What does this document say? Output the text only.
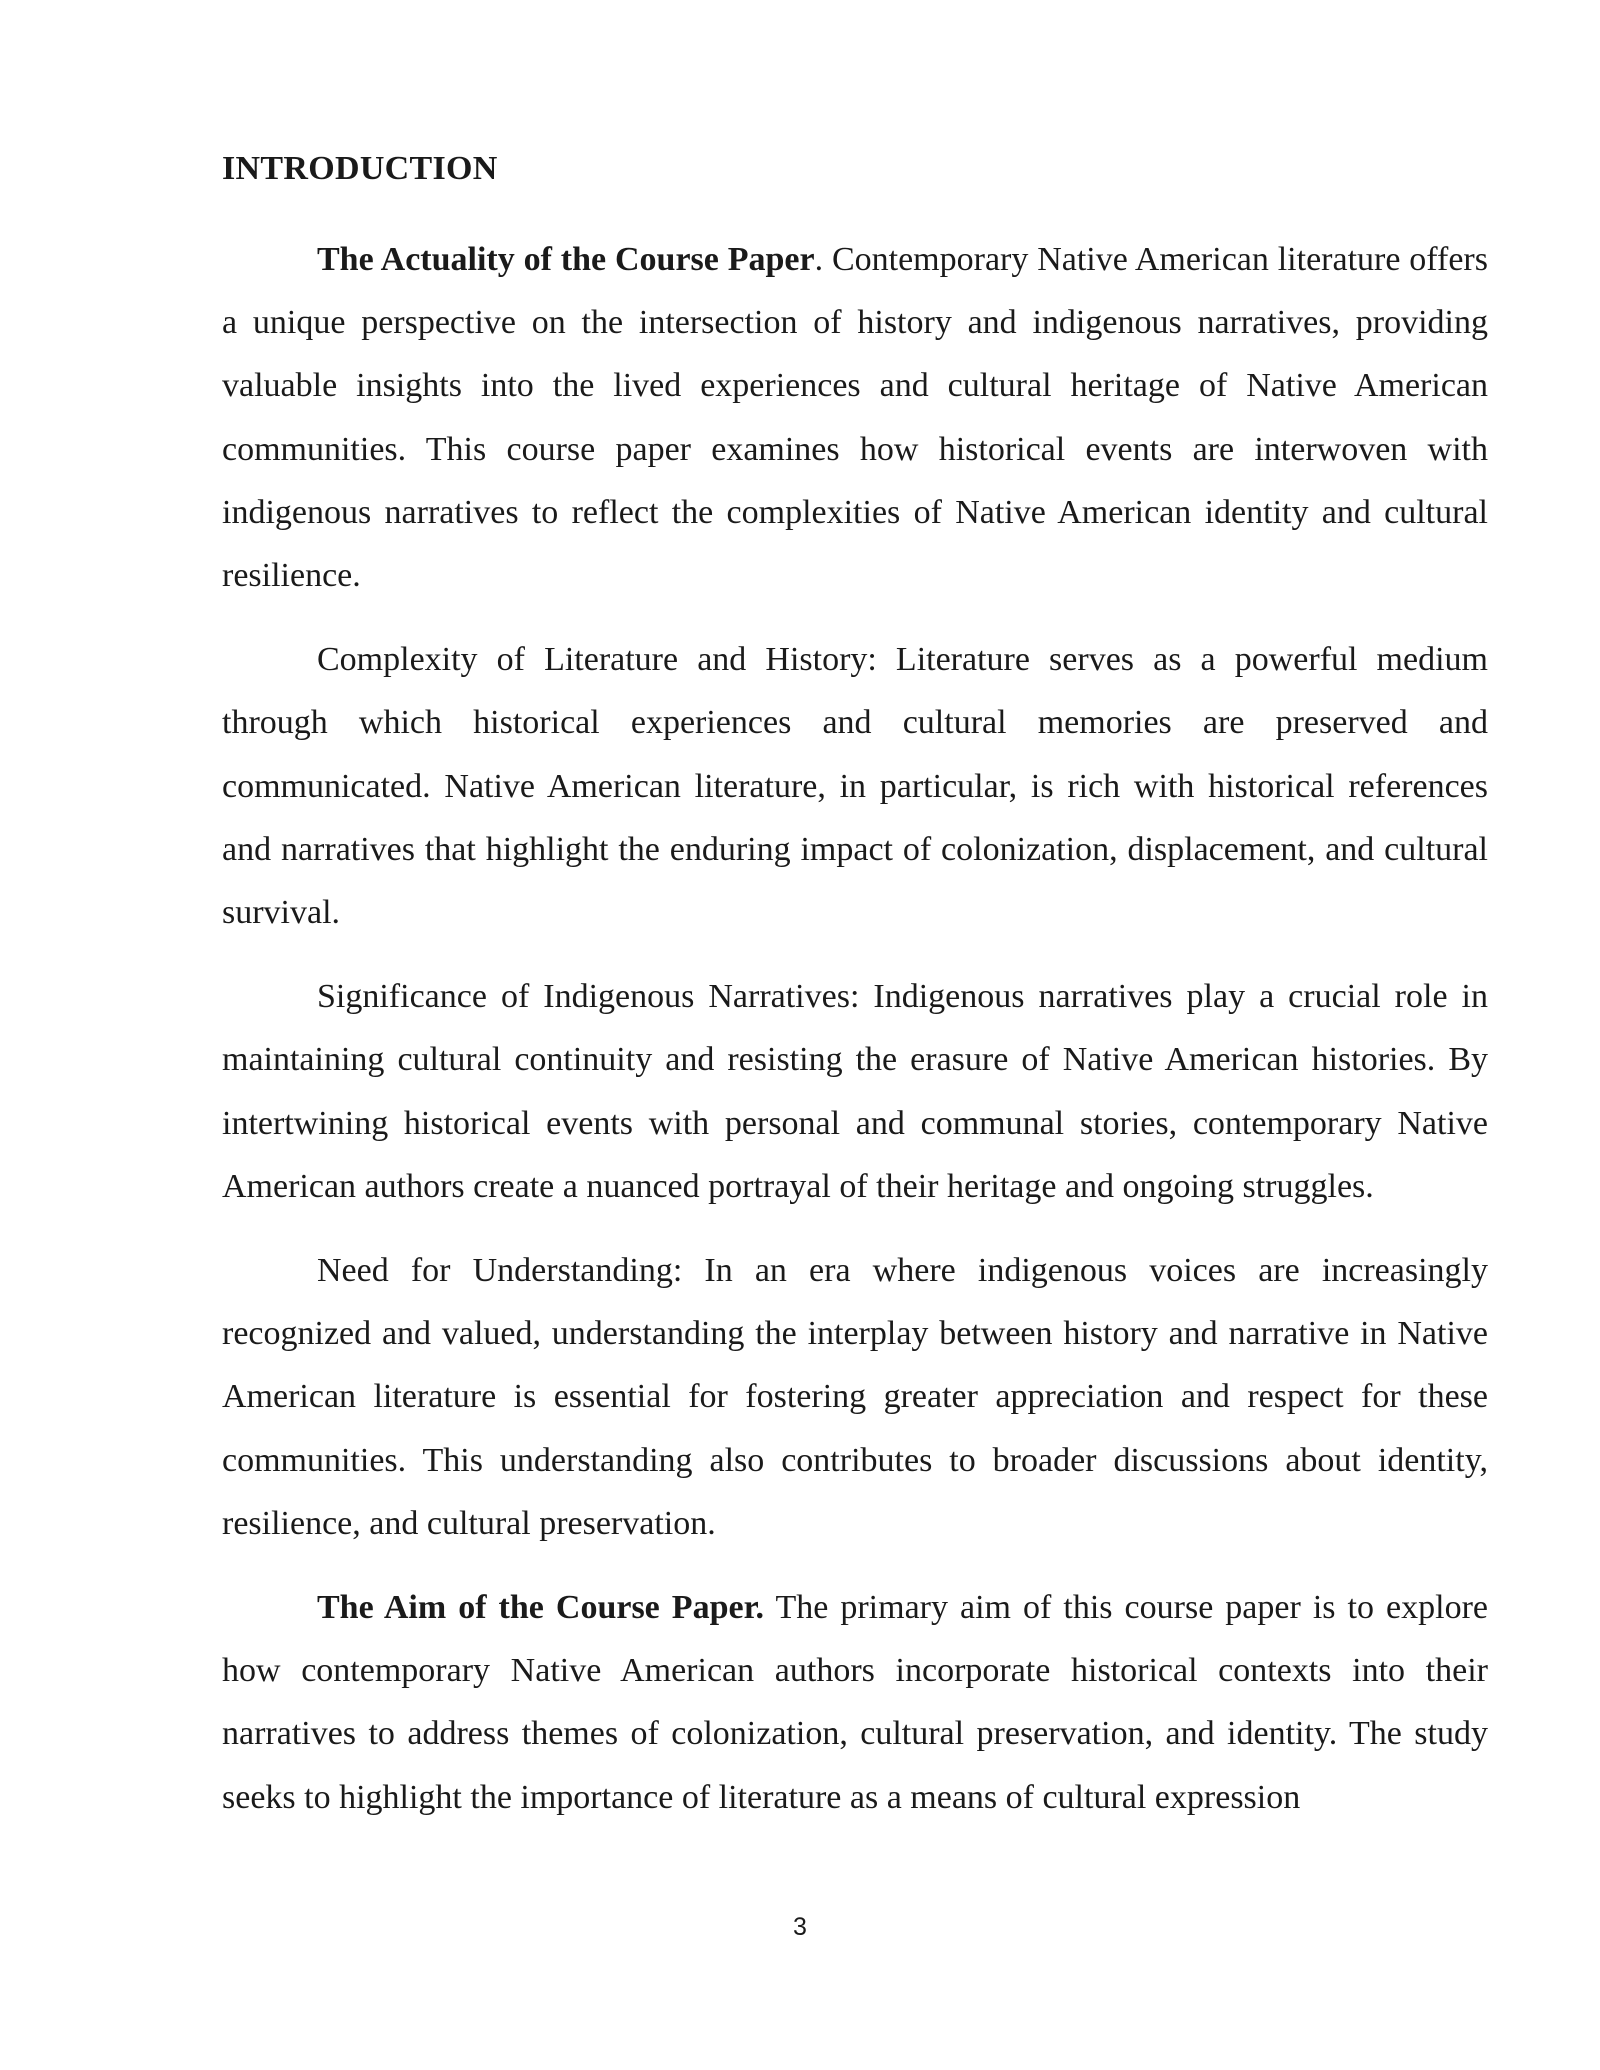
INTRODUCTION

The Actuality of the Course Paper. Contemporary Native American literature offers a unique perspective on the intersection of history and indigenous narratives, providing valuable insights into the lived experiences and cultural heritage of Native American communities. This course paper examines how historical events are interwoven with indigenous narratives to reflect the complexities of Native American identity and cultural resilience.

Complexity of Literature and History: Literature serves as a powerful medium through which historical experiences and cultural memories are preserved and communicated. Native American literature, in particular, is rich with historical references and narratives that highlight the enduring impact of colonization, displacement, and cultural survival.

Significance of Indigenous Narratives: Indigenous narratives play a crucial role in maintaining cultural continuity and resisting the erasure of Native American histories. By intertwining historical events with personal and communal stories, contemporary Native American authors create a nuanced portrayal of their heritage and ongoing struggles.

Need for Understanding: In an era where indigenous voices are increasingly recognized and valued, understanding the interplay between history and narrative in Native American literature is essential for fostering greater appreciation and respect for these communities. This understanding also contributes to broader discussions about identity, resilience, and cultural preservation.

The Aim of the Course Paper. The primary aim of this course paper is to explore how contemporary Native American authors incorporate historical contexts into their narratives to address themes of colonization, cultural preservation, and identity. The study seeks to highlight the importance of literature as a means of cultural expression

3
